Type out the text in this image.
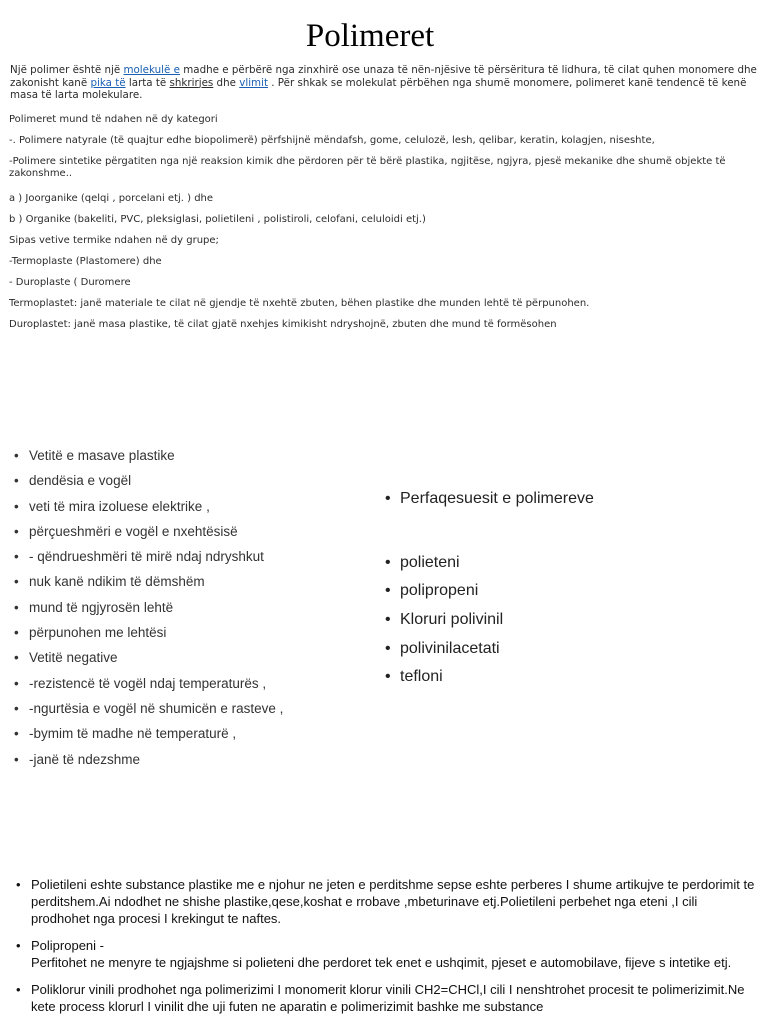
Polimeret

Një polimer është një molekulë e madhe e përbërë nga zinxhirë ose unaza të nën-njësive të përsëritura të lidhura, të cilat quhen monomere dhe zakonisht kanë pika të larta të shkrirjes dhe vlimit . Për shkak se molekulat përbëhen nga shumë monomere, polimeret kanë tendencë të kenë masa të larta molekulare.

Polimeret mund të ndahen në dy kategori
-. Polimere natyrale (të quajtur edhe biopolimerë) përfshijnë mëndafsh, gome, celulozë, lesh, qelibar, keratin, kolagjen, niseshte,
-Polimere sintetike përgatiten nga një reaksion kimik dhe përdoren për të bërë plastika, ngjitëse, ngjyra, pjesë mekanike dhe shumë objekte të zakonshme..
a ) Joorganike (qelqi , porcelani etj. ) dhe
b ) Organike (bakeliti, PVC, pleksiglasi, polietileni , polistiroli, celofani, celuloidi etj.)
Sipas vetive termike ndahen në dy grupe;
-Termoplaste (Plastomere) dhe
- Duroplaste ( Duromere
Termoplastet: janë materiale te cilat në gjendje të nxehtë zbuten, bëhen plastike dhe munden lehtë të përpunohen.
Duroplastet: janë masa plastike, të cilat gjatë nxehjes kimikisht ndryshojnë, zbuten dhe mund të formësohen
• Vetitë e masave plastike
• dendësia e vogël
• veti të mira izoluese elektrike ,
• përçueshmëri e vogël e nxehtësisë
• - qëndrueshmëri të mirë ndaj ndryshkut
• nuk kanë ndikim të dëmshëm
• mund të ngjyrosën lehtë
• përpunohen me lehtësi
• Vetitë negative
• -rezistencë të vogël ndaj temperaturës ,
• -ngurtësia e vogël në shumicën e rasteve ,
• -bymim të madhe në temperaturë ,
• -janë të ndezshme
• Perfaqesuesit e polimereve
• polieteni
• polipropeni
• Kloruri polivinil
• polivinilacetati
• tefloni
• Polietileni eshte substance plastike me e njohur ne jeten e perditshme sepse eshte perberes I shume artikujve te perdorimit te perditshem.Ai ndodhet ne shishe plastike,qese,koshat e rrobave ,mbeturinave etj.Polietileni perbehet nga eteni ,I cili prodhohet nga procesi I krekingut te naftes.
• Polipropeni -
Perfitohet ne menyre te ngjajshme si polieteni dhe perdoret tek enet e ushqimit, pjeset e automobilave, fijeve s intetike etj.
• Poliklorur vinili prodhohet nga polimerizimi I monomerit klorur vinili CH2=CHCl,I cili I nenshtrohet procesit te polimerizimit.Ne kete process klorurl I vinilit dhe uji futen ne aparatin e polimerizimit bashke me substance
